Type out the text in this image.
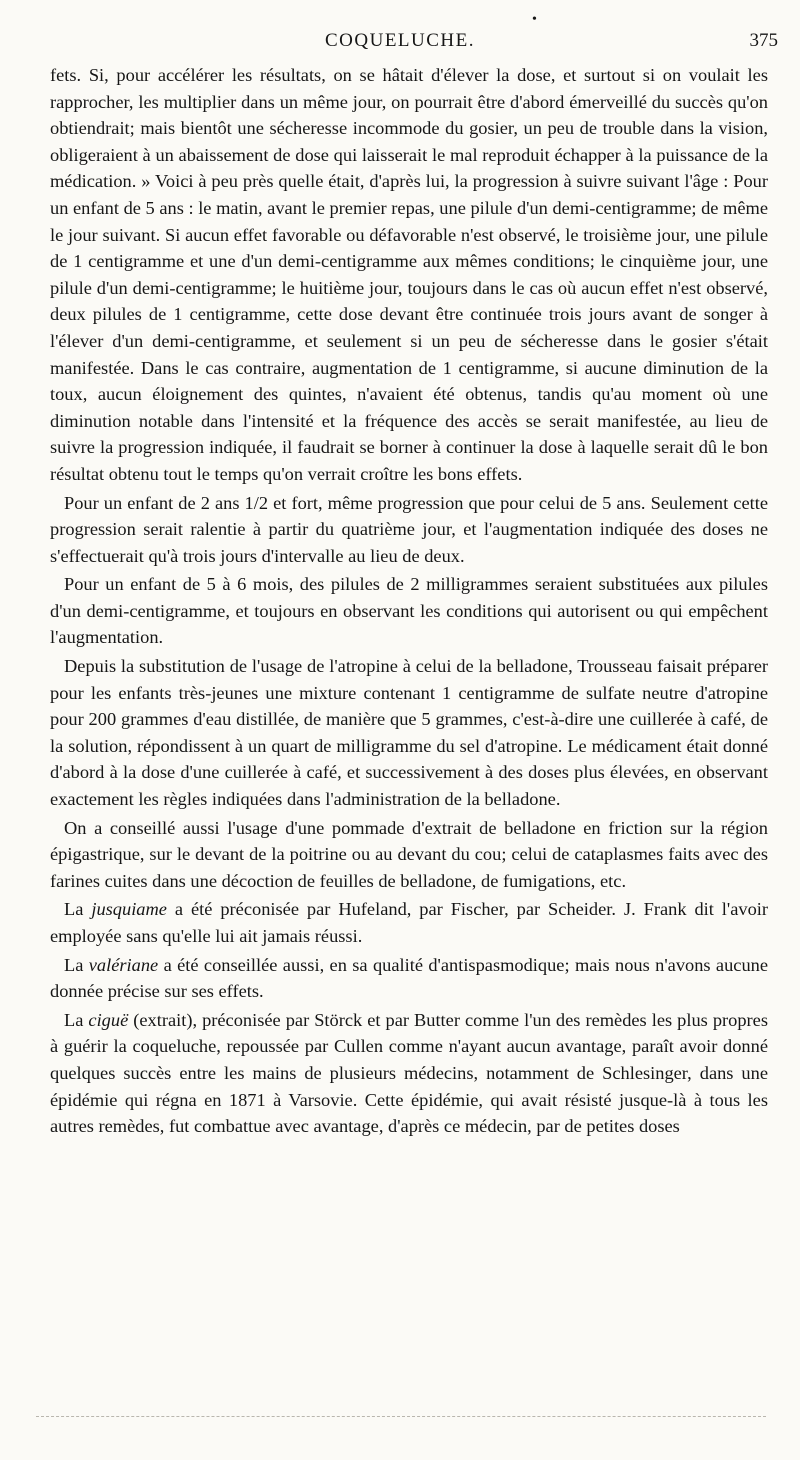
•
COQUELUCHE.	375

fets. Si, pour accélérer les résultats, on se hâtait d'élever la dose, et surtout si on voulait les rapprocher, les multiplier dans un même jour, on pourrait être d'abord émerveillé du succès qu'on obtiendrait; mais bientôt une sécheresse incommode du gosier, un peu de trouble dans la vision, obligeraient à un abaissement de dose qui laisserait le mal reproduit échapper à la puissance de la médication. » Voici à peu près quelle était, d'après lui, la progression à suivre suivant l'âge : Pour un enfant de 5 ans : le matin, avant le premier repas, une pilule d'un demi-centigramme; de même le jour suivant. Si aucun effet favorable ou défavorable n'est observé, le troisième jour, une pilule de 1 centigramme et une d'un demi-centigramme aux mêmes conditions; le cinquième jour, une pilule d'un demi-centigramme; le huitième jour, toujours dans le cas où aucun effet n'est observé, deux pilules de 1 centigramme, cette dose devant être continuée trois jours avant de songer à l'élever d'un demi-centigramme, et seulement si un peu de sécheresse dans le gosier s'était manifestée. Dans le cas contraire, augmentation de 1 centigramme, si aucune diminution de la toux, aucun éloignement des quintes, n'avaient été obtenus, tandis qu'au moment où une diminution notable dans l'intensité et la fréquence des accès se serait manifestée, au lieu de suivre la progression indiquée, il faudrait se borner à continuer la dose à laquelle serait dû le bon résultat obtenu tout le temps qu'on verrait croître les bons effets.

Pour un enfant de 2 ans 1/2 et fort, même progression que pour celui de 5 ans. Seulement cette progression serait ralentie à partir du quatrième jour, et l'augmentation indiquée des doses ne s'effectuerait qu'à trois jours d'intervalle au lieu de deux.

Pour un enfant de 5 à 6 mois, des pilules de 2 milligrammes seraient substituées aux pilules d'un demi-centigramme, et toujours en observant les conditions qui autorisent ou qui empêchent l'augmentation.

Depuis la substitution de l'usage de l'atropine à celui de la belladone, Trousseau faisait préparer pour les enfants très-jeunes une mixture contenant 1 centigramme de sulfate neutre d'atropine pour 200 grammes d'eau distillée, de manière que 5 grammes, c'est-à-dire une cuillerée à café, de la solution, répondissent à un quart de milligramme du sel d'atropine. Le médicament était donné d'abord à la dose d'une cuillerée à café, et successivement à des doses plus élevées, en observant exactement les règles indiquées dans l'administration de la belladone.

On a conseillé aussi l'usage d'une pommade d'extrait de belladone en friction sur la région épigastrique, sur le devant de la poitrine ou au devant du cou; celui de cataplasmes faits avec des farines cuites dans une décoction de feuilles de belladone, de fumigations, etc.

La jusquiame a été préconisée par Hufeland, par Fischer, par Scheider. J. Frank dit l'avoir employée sans qu'elle lui ait jamais réussi.

La valériane a été conseillée aussi, en sa qualité d'antispasmodique; mais nous n'avons aucune donnée précise sur ses effets.

La ciguë (extrait), préconisée par Störck et par Butter comme l'un des remèdes les plus propres à guérir la coqueluche, repoussée par Cullen comme n'ayant aucun avantage, paraît avoir donné quelques succès entre les mains de plusieurs médecins, notamment de Schlesinger, dans une épidémie qui régna en 1871 à Varsovie. Cette épidémie, qui avait résisté jusque-là à tous les autres remèdes, fut combattue avec avantage, d'après ce médecin, par de petites doses
